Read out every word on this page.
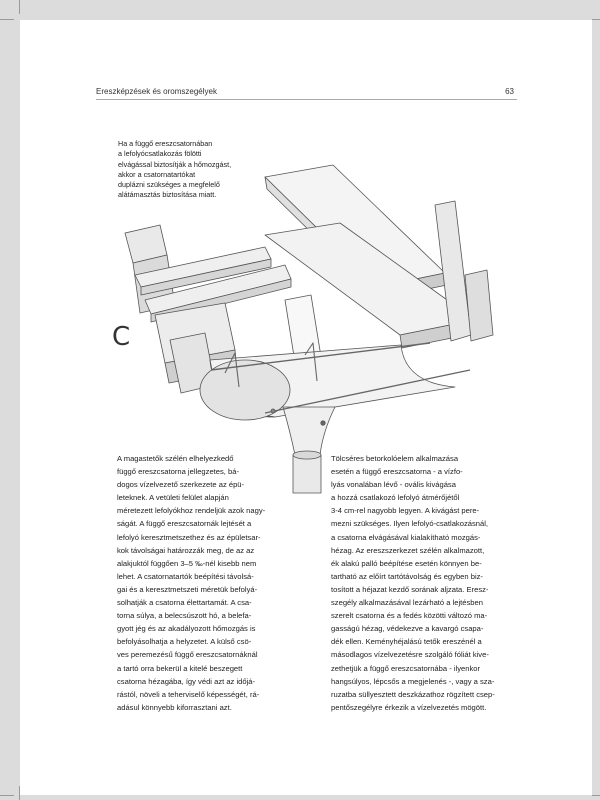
Ereszképzések és oromszegélyek	63
Ha a függő ereszcsatornában
a lefolyócsatlakozás fölötti
elvágással biztosítják a hőmozgást,
akkor a csatornatartókat
duplázni szükséges a megfelelő
alátámasztás biztosítása miatt.
C

A magastetők szélén elhelyezkedő

függő ereszcsatorna jellegzetes, bá-

dogos vízelvezető szerkezete az épü-

leteknek. A vetületi felület alapján

méretezett lefolyókhoz rendeljük azok nagy-

ságát. A függő ereszcsatornák lejtését a

lefolyó keresztmetszethez és az épületsar-

kok távolságai határozzák meg, de az az

alakjuktól függően 3–5 ‰-nél kisebb nem

lehet. A csatornatartók beépítési távolsá-

gai és a keresztmetszeti méretük befolyá-

solhatják a csatorna élettartamát. A csa-

torna súlya, a belecsúszott hó, a belefa-

gyott jég és az akadályozott hőmozgás is

befolyásolhatja a helyzetet. A külső csö-

ves peremezésű függő ereszcsatornáknál

a tartó orra bekerül a kitelé beszegett

csatorna hézagába, így védi azt az időjá-

rástól, növeli a teherviselő képességét, rá-

adásul könnyebb kiforrasztani azt.

Tölcséres betorkolóelem alkalmazása

esetén a függő ereszcsatorna - a vízfo-

lyás vonalában lévő - ovális kivágása

a hozzá csatlakozó lefolyó átmérőjétől

3-4 cm-rel nagyobb legyen. A kivágást pere-

mezni szükséges. Ilyen lefolyó-csatlakozásnál,

a csatorna elvágásával kialakítható mozgás-

hézag. Az ereszszerkezet szélén alkalmazott,

ék alakú palló beépítése esetén könnyen be-

tartható az előírt tartótávolság és egyben biz-

tosított a héjazat kezdő sorának aljzata. Eresz-

szegély alkalmazásával lezárható a lejtésben

szerelt csatorna és a fedés közötti változó ma-

gasságú hézag, védekezve a kavargó csapa-

dék ellen. Keményhéjalású tetők ereszénél a

másodlagos vízelvezetésre szolgáló fóliát kive-

zethetjük a függő ereszcsatornába - ilyenkor

hangsúlyos, lépcsős a megjelenés -, vagy a sza-

ruzatba süllyesztett deszkázathoz rögzített csep-

pentőszegélyre érkezik a vízelvezetés mögött.
